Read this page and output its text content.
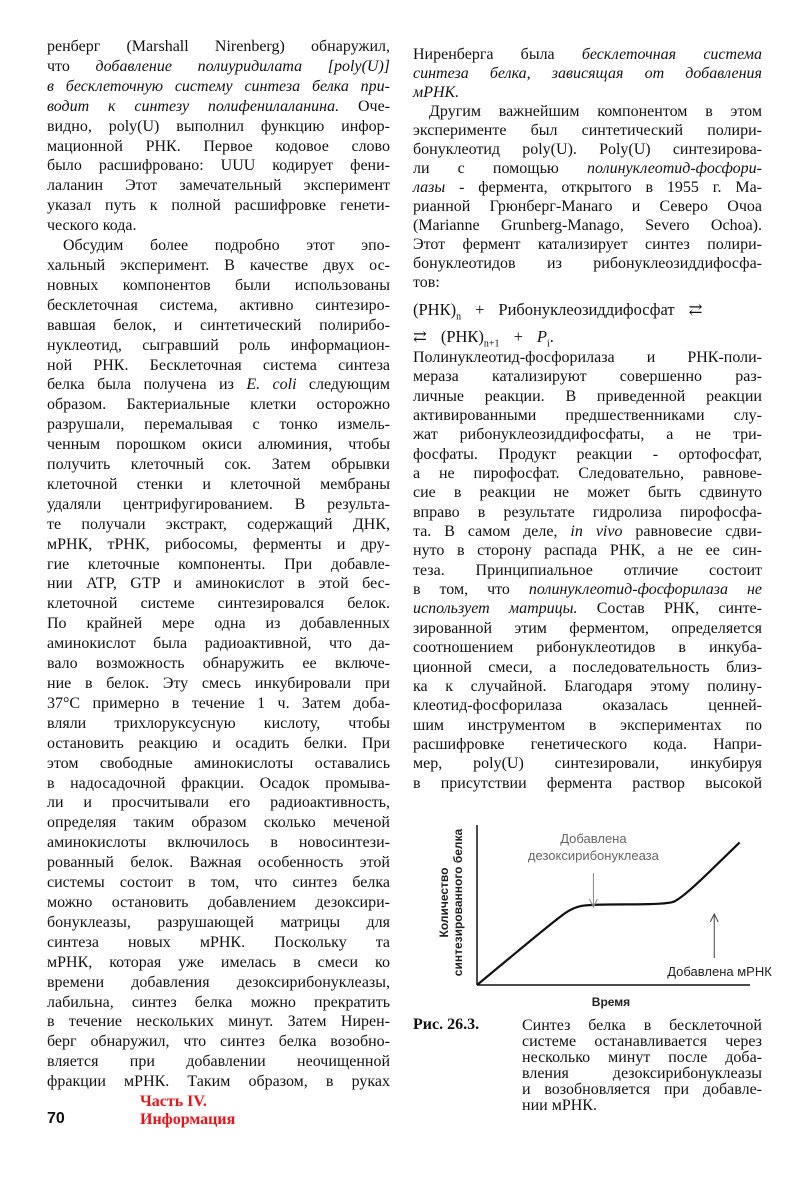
ренберг (Marshall Nirenberg) обнаружил,
что добавление полиуридилата [poly(U)]
в бесклеточную систему синтеза белка при-
водит к синтезу полифенилаланина. Оче-
видно, poly(U) выполнил функцию инфор-
мационной РНК. Первое кодовое слово
было расшифровано: UUU кодирует фени-
лаланин Этот замечательный эксперимент
указал путь к полной расшифровке генети-
ческого кода.
Обсудим более подробно этот эпо-
хальный эксперимент. В качестве двух ос-
новных компонентов были использованы
бесклеточная система, активно синтезиро-
вавшая белок, и синтетический полирибо-
нуклеотид, сыгравший роль информацион-
ной РНК. Бесклеточная система синтеза
белка была получена из E. coli следующим
образом. Бактериальные клетки осторожно
разрушали, перемалывая с тонко измель-
ченным порошком окиси алюминия, чтобы
получить клеточный сок. Затем обрывки
клеточной стенки и клеточной мембраны
удаляли центрифугированием. В результа-
те получали экстракт, содержащий ДНК,
мРНК, тРНК, рибосомы, ферменты и дру-
гие клеточные компоненты. При добавле-
нии ATP, GTP и аминокислот в этой бес-
клеточной системе синтезировался белок.
По крайней мере одна из добавленных
аминокислот была радиоактивной, что да-
вало возможность обнаружить ее включе-
ние в белок. Эту смесь инкубировали при
37°С примерно в течение 1 ч. Затем доба-
вляли трихлоруксусную кислоту, чтобы
остановить реакцию и осадить белки. При
этом свободные аминокислоты оставались
в надосадочной фракции. Осадок промыва-
ли и просчитывали его радиоактивность,
определяя таким образом сколько меченой
аминокислоты включилось в новосинтези-
рованный белок. Важная особенность этой
системы состоит в том, что синтез белка
можно остановить добавлением дезоксири-
бонуклеазы, разрушающей матрицы для
синтеза новых мРНК. Поскольку та
мРНК, которая уже имелась в смеси ко
времени добавления дезоксирибонуклеазы,
лабильна, синтез белка можно прекратить
в течение нескольких минут. Затем Нирен-
берг обнаружил, что синтез белка возобно-
вляется при добавлении неочищенной
фракции мРНК. Таким образом, в руках
Ниренберга была бесклеточная система
синтеза белка, зависящая от добавления
мРНК.
Другим важнейшим компонентом в этом
эксперименте был синтетический полири-
бонуклеотид poly(U). Poly(U) синтезирова-
ли с помощью полинуклеотид-фосфори-
лазы - фермента, открытого в 1955 г. Ма-
рианной Грюнберг-Манаго и Северо Очоа
(Marianne Grunberg-Manago, Severo Ochoa).
Этот фермент катализирует синтез полири-
бонуклеотидов из рибонуклеозиддифосфа-
тов:
$(РНК)_n$ + Рибонуклеозиддифосфат ⇄
⇄ $(РНК)_{n+1} + P_i$.
Полинуклеотид-фосфорилаза и РНК-поли-
мераза катализируют совершенно раз-
личные реакции. В приведенной реакции
активированными предшественниками слу-
жат рибонуклеозиддифосфаты, а не три-
фосфаты. Продукт реакции - ортофосфат,
а не пирофосфат. Следовательно, равнове-
сие в реакции не может быть сдвинуто
вправо в результате гидролиза пирофосфа-
та. В самом деле, in vivo равновесие сдви-
нуто в сторону распада РНК, а не ее син-
теза. Принципиальное отличие состоит
в том, что полинуклеотид-фосфорилаза не
использует матрицы. Состав РНК, синте-
зированной этим ферментом, определяется
соотношением рибонуклеотидов в инкуба-
ционной смеси, а последовательность близ-
ка к случайной. Благодаря этому полину-
клеотид-фосфорилаза оказалась ценней-
шим инструментом в экспериментах по
расшифровке генетического кода. Напри-
мер, poly(U) синтезировали, инкубируя
в присутствии фермента раствор высокой
Время
Количество синтезированного белка	Добавлена
дезоксирибонуклеаза
Добавлена мРНК
Рис. 26.3.	Синтез белка в бесклеточной
системе останавливается через
несколько минут после доба-
вления дезоксирибонуклеазы
и возобновляется при добавле-
нии мРНК.
70
Часть IV.
Информация
